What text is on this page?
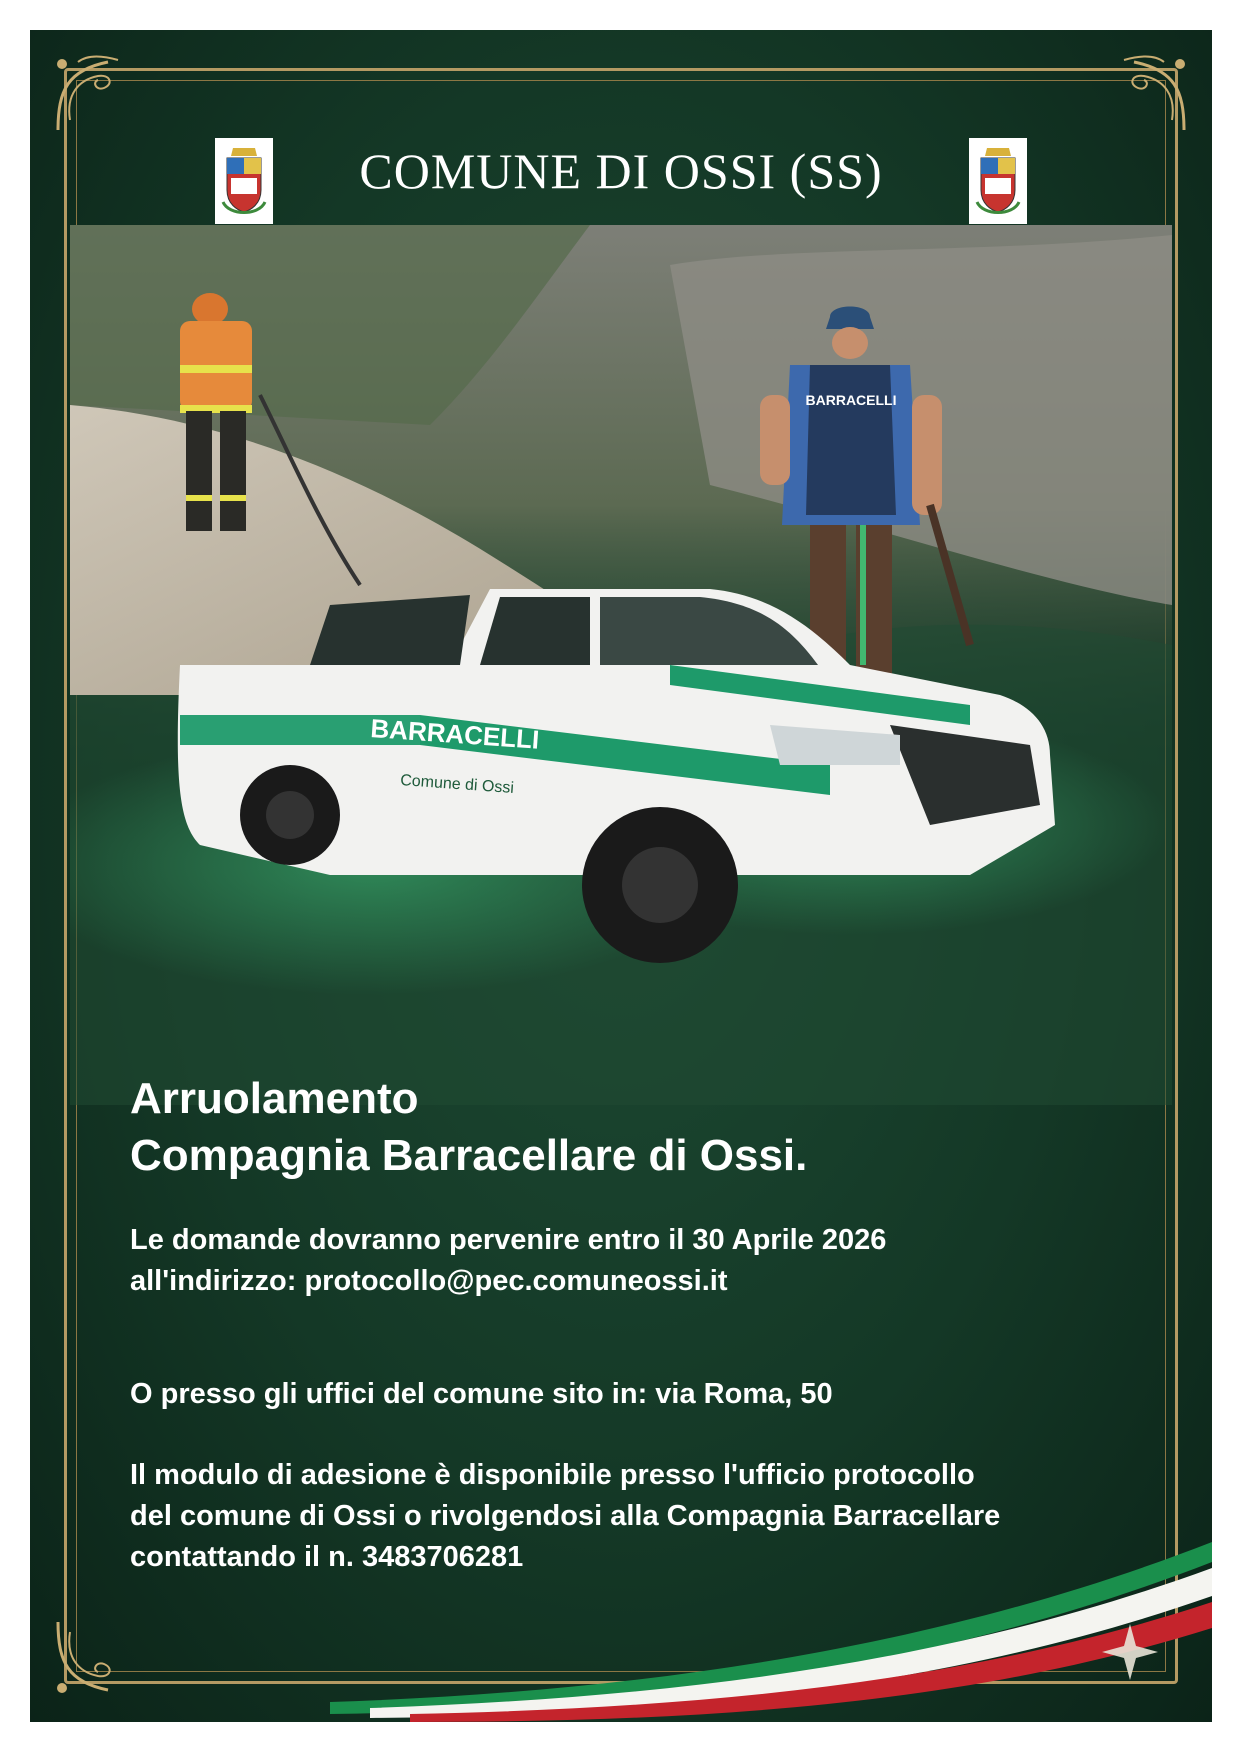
COMUNE DI OSSI (SS)
BARRACELLI
BARRACELLI
Comune di Ossi
Arruolamento
Compagnia Barracellare di Ossi.

Le domande dovranno pervenire entro il 30 Aprile 2026
all'indirizzo: protocollo@pec.comuneossi.it

O presso gli uffici del comune sito in: via Roma, 50

Il modulo di adesione è disponibile presso l'ufficio protocollo
del comune di Ossi o rivolgendosi alla Compagnia Barracellare
contattando il n. 3483706281
